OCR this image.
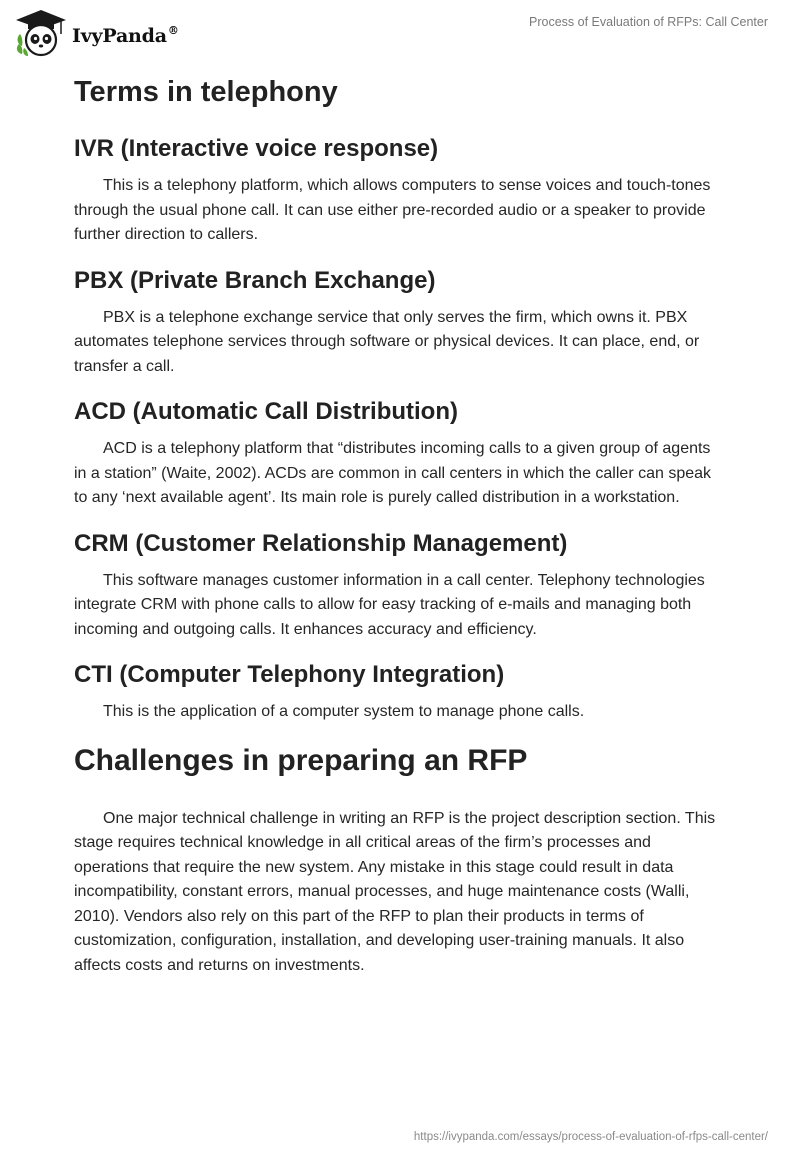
IvyPanda®
Process of Evaluation of RFPs: Call Center
Terms in telephony
IVR (Interactive voice response)

This is a telephony platform, which allows computers to sense voices and touch-tones through the usual phone call. It can use either pre-recorded audio or a speaker to provide further direction to callers.

PBX (Private Branch Exchange)

PBX is a telephone exchange service that only serves the firm, which owns it. PBX automates telephone services through software or physical devices. It can place, end, or transfer a call.

ACD (Automatic Call Distribution)

ACD is a telephony platform that “distributes incoming calls to a given group of agents in a station” (Waite, 2002). ACDs are common in call centers in which the caller can speak to any ‘next available agent’. Its main role is purely called distribution in a workstation.

CRM (Customer Relationship Management)

This software manages customer information in a call center. Telephony technologies integrate CRM with phone calls to allow for easy tracking of e-mails and managing both incoming and outgoing calls. It enhances accuracy and efficiency.

CTI (Computer Telephony Integration)

This is the application of a computer system to manage phone calls.

Challenges in preparing an RFP

One major technical challenge in writing an RFP is the project description section. This stage requires technical knowledge in all critical areas of the firm’s processes and operations that require the new system. Any mistake in this stage could result in data incompatibility, constant errors, manual processes, and huge maintenance costs (Walli, 2010). Vendors also rely on this part of the RFP to plan their products in terms of customization, configuration, installation, and developing user-training manuals. It also affects costs and returns on investments.

https://ivypanda.com/essays/process-of-evaluation-of-rfps-call-center/
